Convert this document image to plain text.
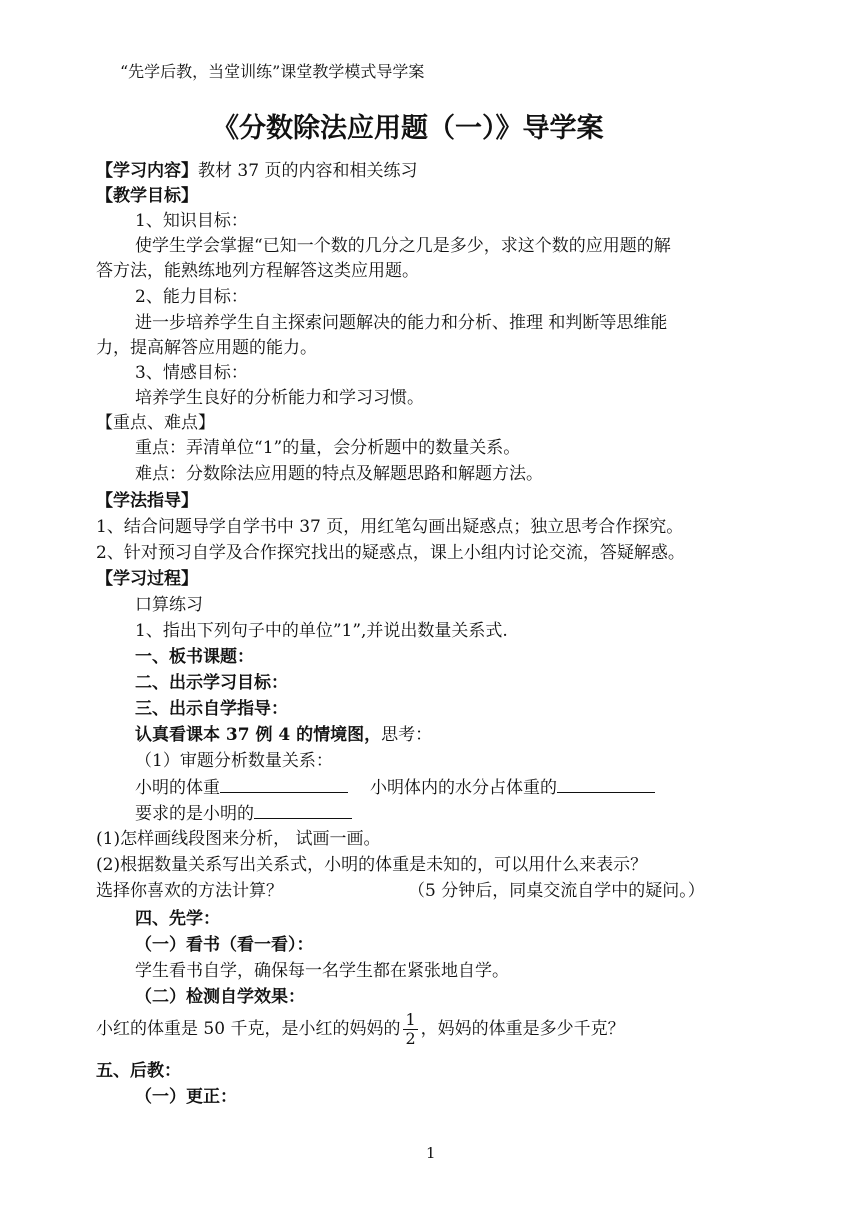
“先学后教，当堂训练”课堂教学模式导学案
《分数除法应用题（一）》导学案
【学习内容】教材 37 页的内容和相关练习
【教学目标】
1、知识目标：
使学生学会掌握“已知一个数的几分之几是多少，求这个数的应用题的解
答方法，能熟练地列方程解答这类应用题。
2、能力目标：
进一步培养学生自主探索问题解决的能力和分析、推理 和判断等思维能
力，提高解答应用题的能力。
3、情感目标：
培养学生良好的分析能力和学习习惯。
【重点、难点】
重点：弄清单位“1”的量，会分析题中的数量关系。
难点：分数除法应用题的特点及解题思路和解题方法。
【学法指导】
1、结合问题导学自学书中 37 页，用红笔勾画出疑惑点；独立思考合作探究。
2、针对预习自学及合作探究找出的疑惑点，课上小组内讨论交流，答疑解惑。
【学习过程】
口算练习
1、指出下列句子中的单位”1”,并说出数量关系式.
一、板书课题：
二、出示学习目标：
三、出示自学指导：
认真看课本 37 例 4 的情境图，思考：
（1）审题分析数量关系：
小明的体重	小明体内的水分占体重的
要求的是小明的
(1)怎样画线段图来分析， 试画一画。
(2)根据数量关系写出关系式，小明的体重是未知的，可以用什么来表示？
选择你喜欢的方法计算？	（5 分钟后，同桌交流自学中的疑问。）
四、先学：
（一）看书（看一看）：
学生看书自学，确保每一名学生都在紧张地自学。
（二）检测自学效果：
小红的体重是 50 千克，是小红的妈妈的 $\frac{1}{2}$ ，妈妈的体重是多少千克？
五、后教：
（一）更正：
1
